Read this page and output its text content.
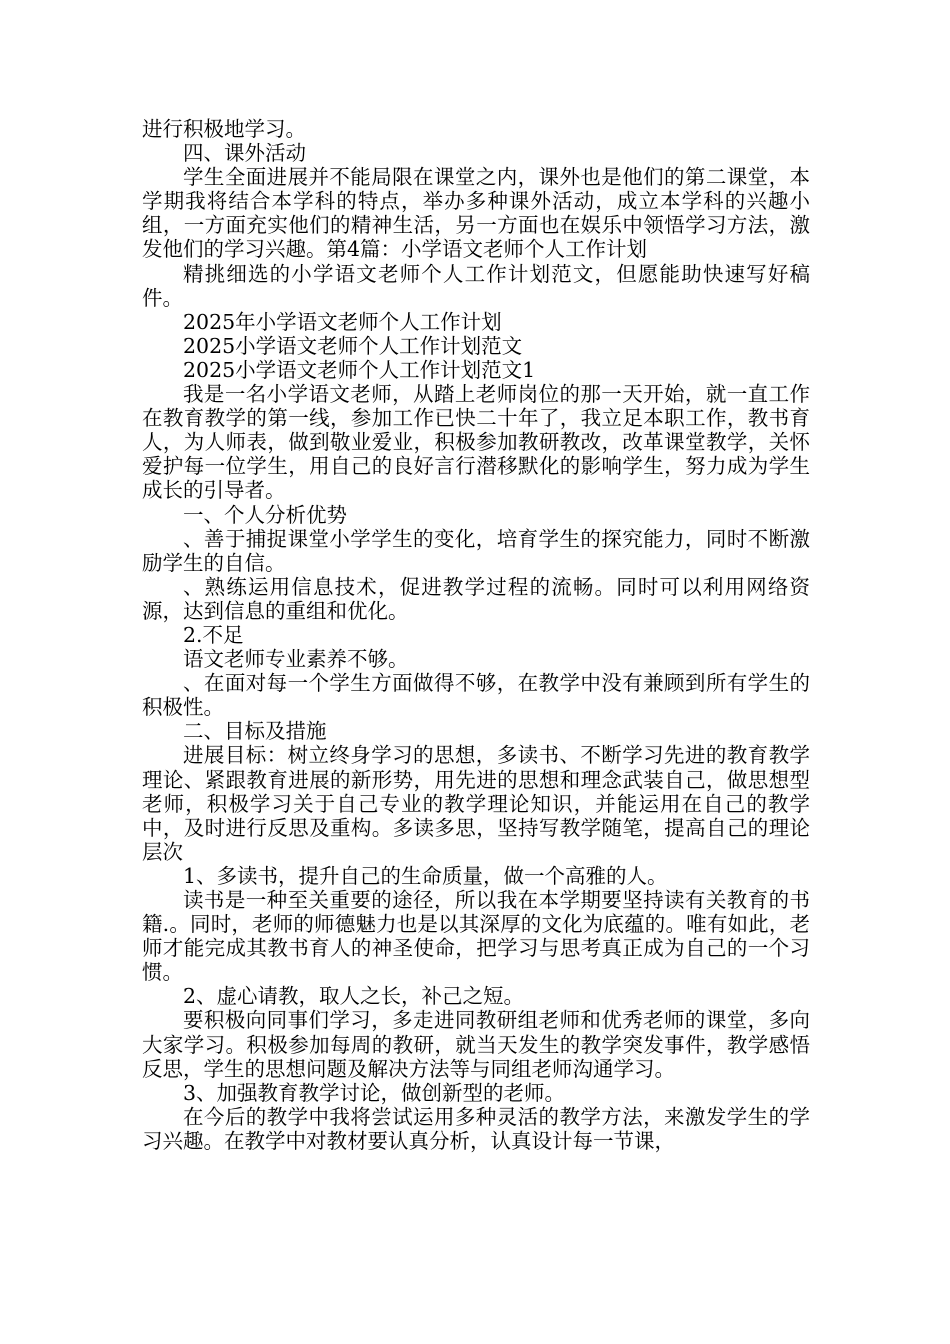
进行积极地学习。

四、课外活动

学生全面进展并不能局限在课堂之内，课外也是他们的第二课堂，本学期我将结合本学科的特点，举办多种课外活动，成立本学科的兴趣小组，一方面充实他们的精神生活，另一方面也在娱乐中领悟学习方法，激发他们的学习兴趣。第4篇：小学语文老师个人工作计划

精挑细选的小学语文老师个人工作计划范文，但愿能助快速写好稿件。

2025年小学语文老师个人工作计划

2025小学语文老师个人工作计划范文

2025小学语文老师个人工作计划范文1

我是一名小学语文老师，从踏上老师岗位的那一天开始，就一直工作在教育教学的第一线，参加工作已快二十年了，我立足本职工作，教书育人，为人师表，做到敬业爱业，积极参加教研教改，改革课堂教学，关怀爱护每一位学生，用自己的良好言行潜移默化的影响学生，努力成为学生成长的引导者。

一、个人分析优势

、善于捕捉课堂小学学生的变化，培育学生的探究能力，同时不断激励学生的自信。

、熟练运用信息技术，促进教学过程的流畅。同时可以利用网络资源，达到信息的重组和优化。

2.不足

语文老师专业素养不够。

、在面对每一个学生方面做得不够，在教学中没有兼顾到所有学生的积极性。

二、目标及措施

进展目标：树立终身学习的思想，多读书、不断学习先进的教育教学理论、紧跟教育进展的新形势，用先进的思想和理念武装自己，做思想型老师，积极学习关于自己专业的教学理论知识，并能运用在自己的教学中，及时进行反思及重构。多读多思，坚持写教学随笔，提高自己的理论层次

1、多读书，提升自己的生命质量，做一个高雅的人。

读书是一种至关重要的途径，所以我在本学期要坚持读有关教育的书籍.。同时，老师的师德魅力也是以其深厚的文化为底蕴的。唯有如此，老师才能完成其教书育人的神圣使命，把学习与思考真正成为自己的一个习惯。

2、虚心请教，取人之长，补己之短。

要积极向同事们学习，多走进同教研组老师和优秀老师的课堂，多向大家学习。积极参加每周的教研，就当天发生的教学突发事件，教学感悟反思，学生的思想问题及解决方法等与同组老师沟通学习。

3、加强教育教学讨论，做创新型的老师。

在今后的教学中我将尝试运用多种灵活的教学方法，来激发学生的学习兴趣。在教学中对教材要认真分析，认真设计每一节课，
